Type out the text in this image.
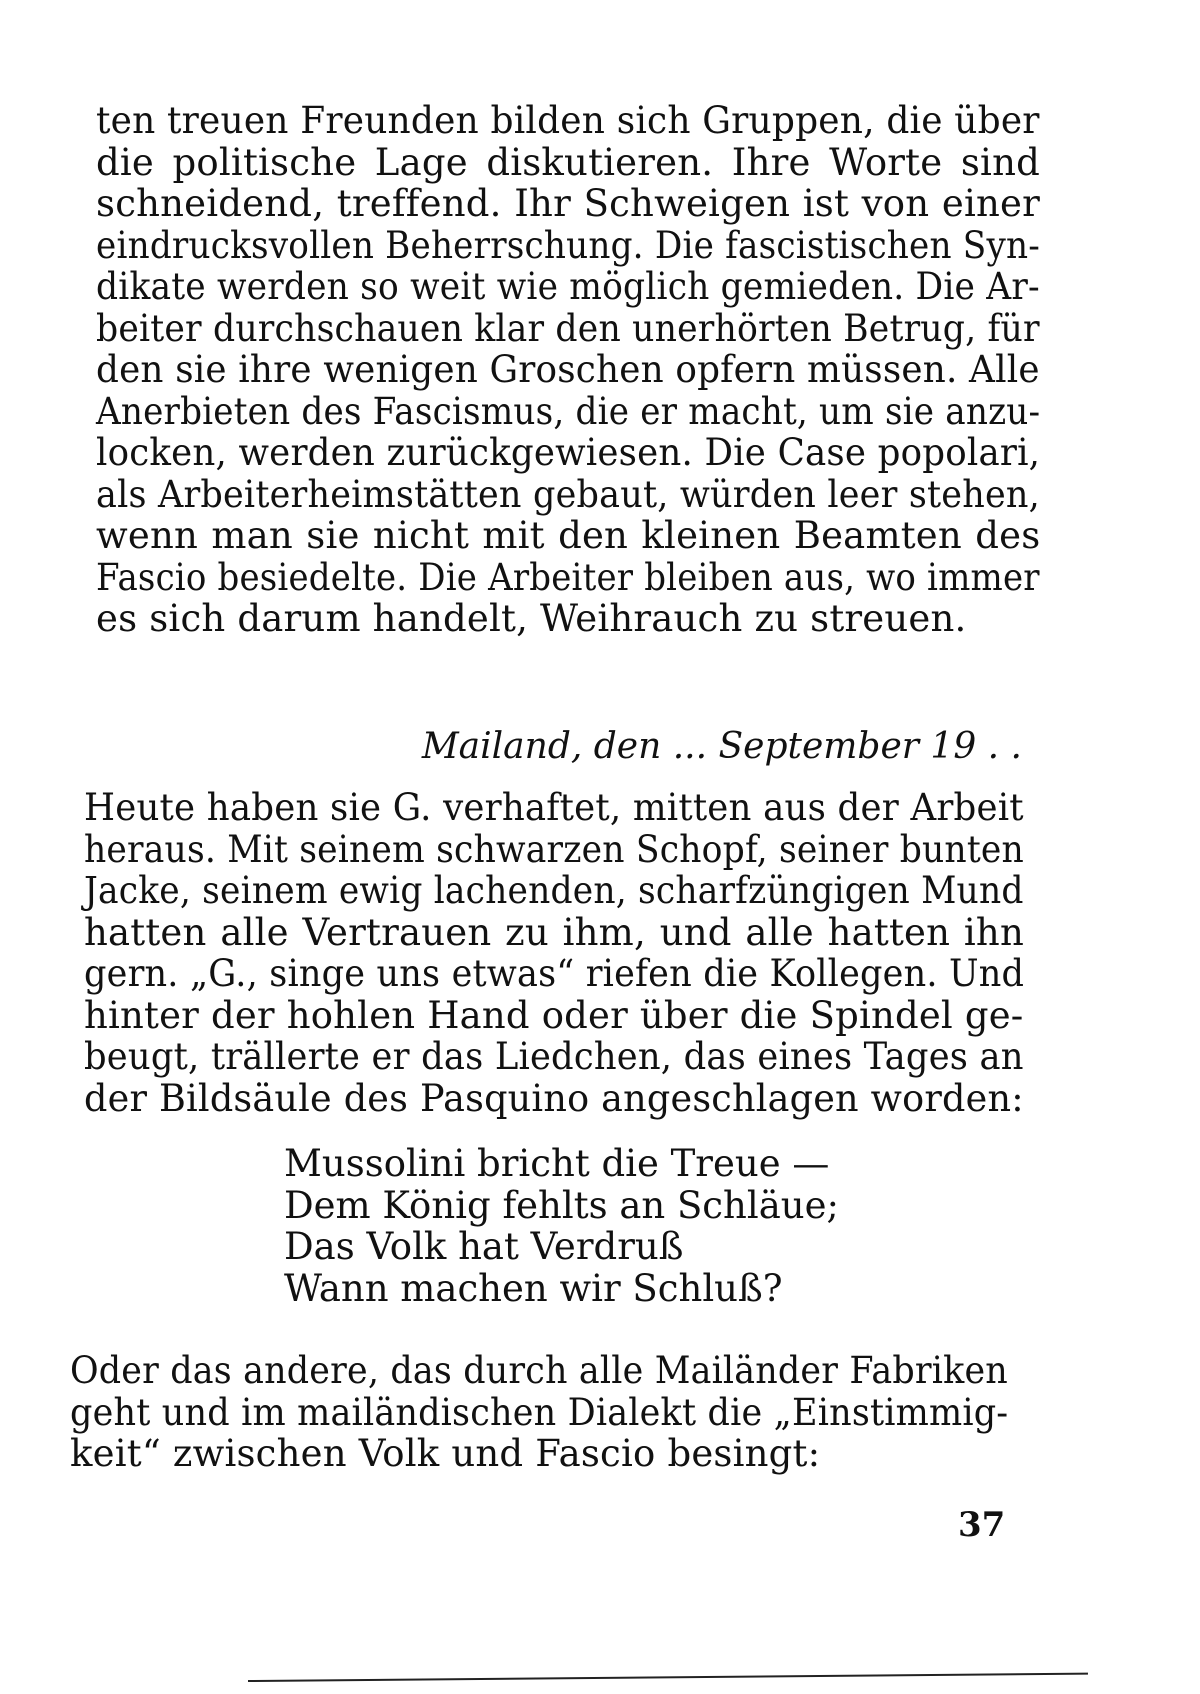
ten treuen Freunden bilden sich Gruppen, die über
die politische Lage diskutieren. Ihre Worte sind
schneidend, treffend. Ihr Schweigen ist von einer
eindrucksvollen Beherrschung. Die fascistischen Syn-
dikate werden so weit wie möglich gemieden. Die Ar-
beiter durchschauen klar den unerhörten Betrug, für
den sie ihre wenigen Groschen opfern müssen. Alle
Anerbieten des Fascismus, die er macht, um sie anzu-
locken, werden zurückgewiesen. Die Case popolari,
als Arbeiterheimstätten gebaut, würden leer stehen,
wenn man sie nicht mit den kleinen Beamten des
Fascio besiedelte. Die Arbeiter bleiben aus, wo immer
es sich darum handelt, Weihrauch zu streuen.
Mailand, den ... September 19 . .
Heute haben sie G. verhaftet, mitten aus der Arbeit
heraus. Mit seinem schwarzen Schopf, seiner bunten
Jacke, seinem ewig lachenden, scharfzüngigen Mund
hatten alle Vertrauen zu ihm, und alle hatten ihn
gern. „G., singe uns etwas“ riefen die Kollegen. Und
hinter der hohlen Hand oder über die Spindel ge-
beugt, trällerte er das Liedchen, das eines Tages an
der Bildsäule des Pasquino angeschlagen worden:
Mussolini bricht die Treue —
Dem König fehlts an Schläue;
Das Volk hat Verdruß
Wann machen wir Schluß?
Oder das andere, das durch alle Mailänder Fabriken
geht und im mailändischen Dialekt die „Einstimmig-
keit“ zwischen Volk und Fascio besingt:
37
